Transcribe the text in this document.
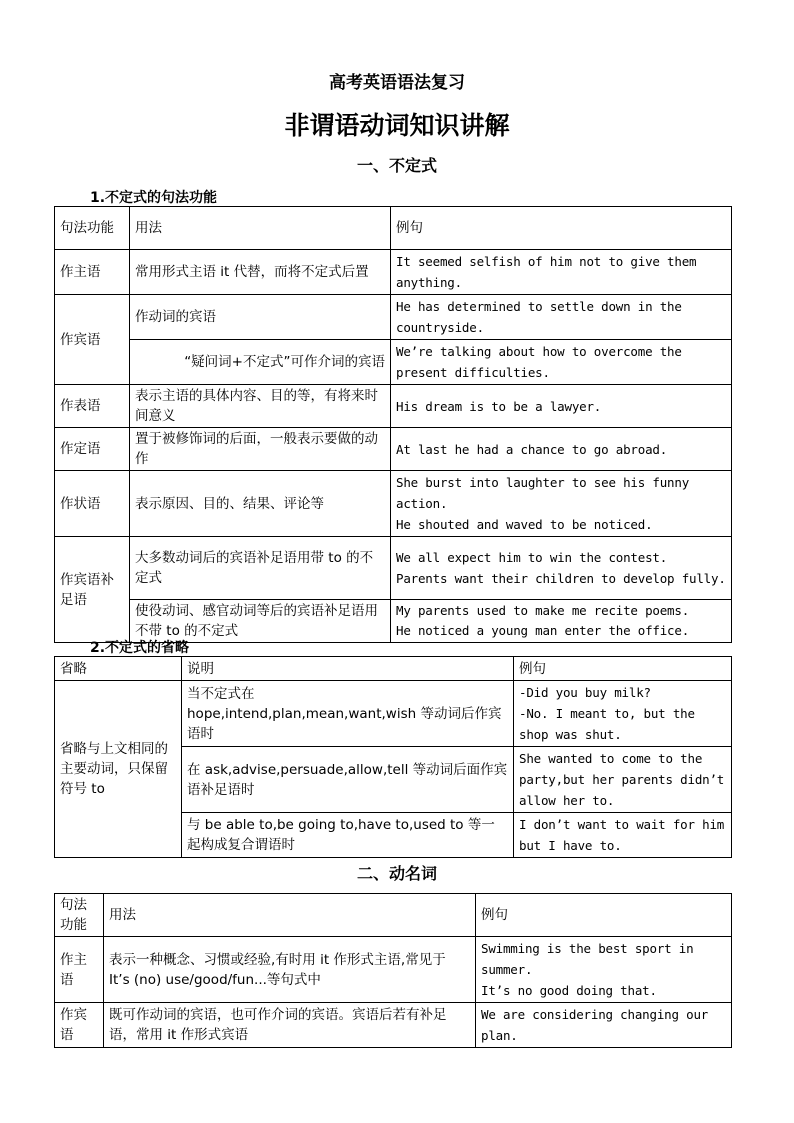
高考英语语法复习
非谓语动词知识讲解
一、不定式
1.不定式的句法功能
句法功能	用法	例句
作主语	常用形式主语 it 代替，而将不定式后置	It seemed selfish of him not to give them anything.
作宾语	作动词的宾语	He has determined to settle down in the countryside.
	“疑问词+不定式”可作介词的宾语	We’re talking about how to overcome the present difficulties.
作表语	表示主语的具体内容、目的等，有将来时间意义	His dream is to be a lawyer.
作定语	置于被修饰词的后面，一般表示要做的动作	At last he had a chance to go abroad.
作状语	表示原因、目的、结果、评论等	She burst into laughter to see his funny action.
He shouted and waved to be noticed.

作宾语补足语	大多数动词后的宾语补足语用带 to 的不定式	We all expect him to win the contest.
Parents want their children to develop fully.

	使役动词、感官动词等后的宾语补足语用不带 to 的不定式	My parents used to make me recite poems.
He noticed a young man enter the office.
2.不定式的省略
省略	说明	例句
省略与上文相同的主要动词，只保留符号 to	当不定式在
hope,intend,plan,mean,want,wish 等动词后作宾语时	-Did you buy milk?
-No. I meant to, but the shop was shut.

	在 ask,advise,persuade,allow,tell 等动词后面作宾语补足语时	She wanted to come to the party,but her parents didn’t allow her to.
	与 be able to,be going to,have to,used to 等一起构成复合谓语时	I don’t want to wait for him but I have to.
二、动名词
句法功能	用法	例句
作主语	表示一种概念、习惯或经验,有时用 it 作形式主语,常见于 It’s (no) use/good/fun...等句式中	Swimming is the best sport in summer.
It’s no good doing that.

作宾语	既可作动词的宾语，也可作介词的宾语。宾语后若有补足语，常用 it 作形式宾语	We are considering changing our plan.
